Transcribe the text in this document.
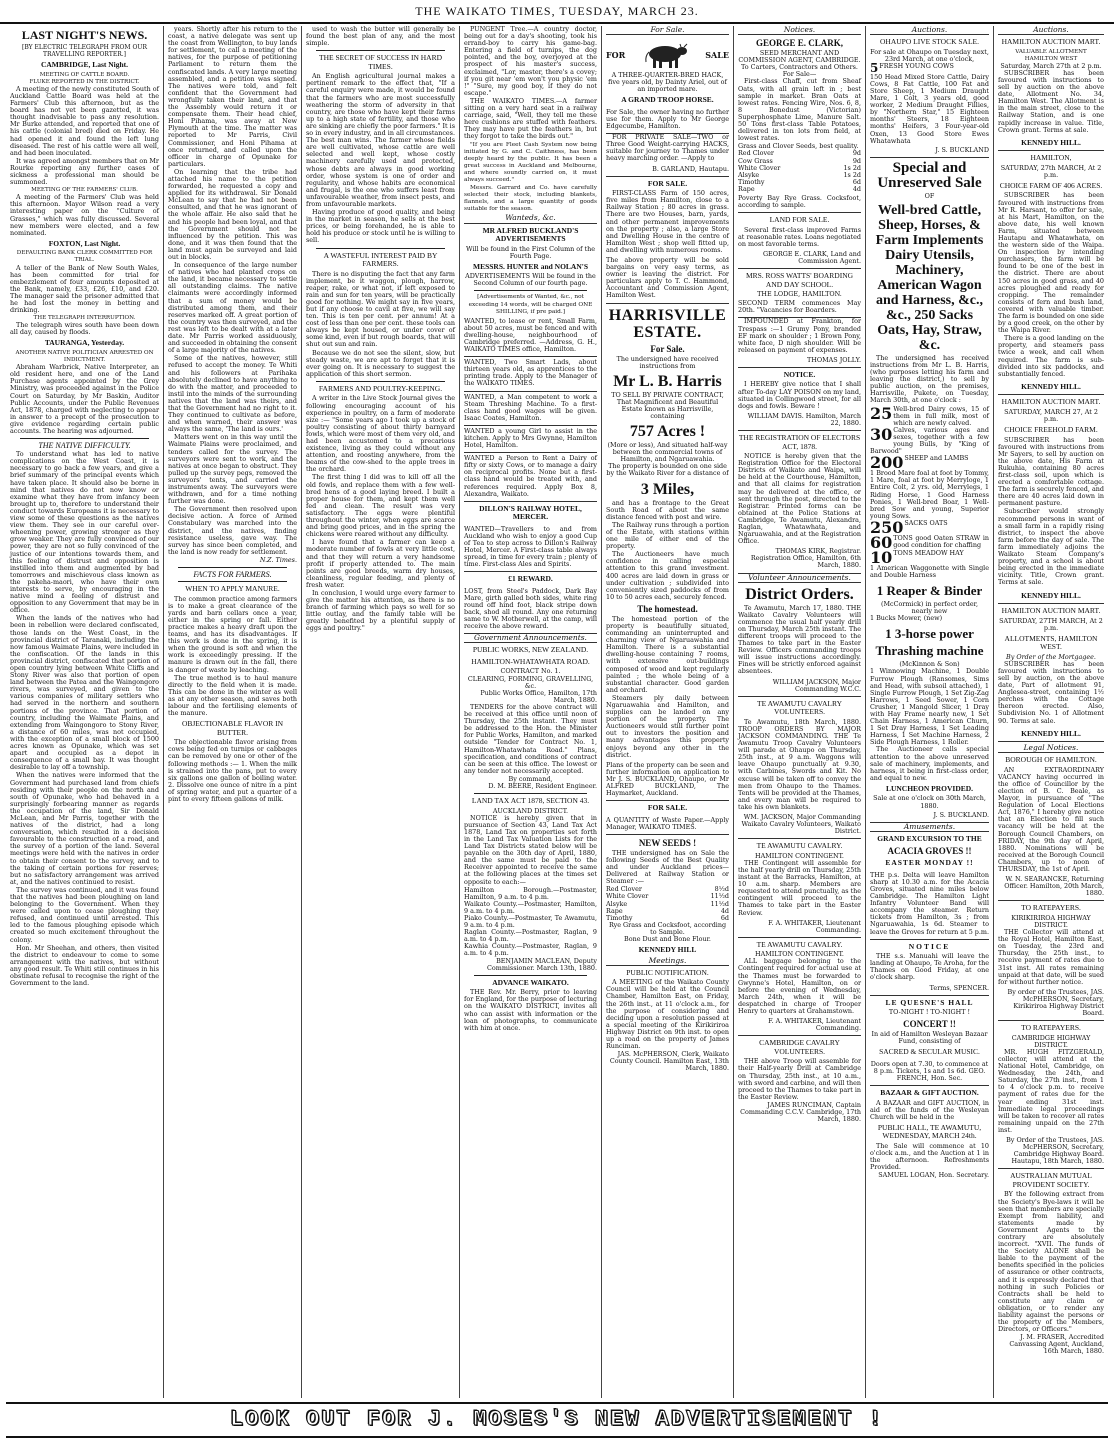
THE WAIKATO TIMES, TUESDAY, MARCH 23.
LAST NIGHT'S NEWS.
[BY ELECTRIC TELEGRAPH FROM OUR TRAVELLING REPORTER.]
CAMBRIDGE, Last Night.
MEETING OF CATTLE BOARD.
FLUKE REPORTED IN THE DISTRICT.

A meeting of the newly constituted South of Auckland Cattle Board was held at the Farmers' Club this afternoon, but as the board has not yet been gazetted, it was thought inadvisable to pass any resolution. Mr Burke attended, and reported that one of his cattle (colonial bred) died on Friday. He had opened it and found the left lung diseased. The rest of his cattle were all well, and had been inoculated.

It was agreed amongst members that on Mr Rourke reporting any further cases of sickness a professional man should be summoned.

MEETING OF THE FARMERS' CLUB.

A meeting of the Farmers' Club was held this afternoon. Mayor Wilson read a very interesting paper on the "Culture of Grasses," which was fully discussed. Several new members were elected, and a few nominated.

FOXTON, Last Night.
DEFAULTING BANK CLERK COMMITTED FOR TRIAL.

A teller of the Bank of New South Wales, has been committed for trial for embezzlement of four amounts deposited at the Bank, namely, £33, £26, £10, and £20. The manager said the prisoner admitted that he had lost the money in betting and drinking.

THE TELEGRAPH INTERRUPTION.

The telegraph wires south have been down all day, caused by floods.

TAURANGA, Yesterday.
ANOTHER NATIVE POLITICIAN ARRESTED ON INDICTMENT.

Abraham Warbrick, Native Interpreter, an old resident here, and one of the Land Purchase agents appointed by the Grey Ministry, was proceeded against in the Police Court on Saturday, by Mr Baskin, Auditor Public Accounts, under the Public Revenues Act, 1878, charged with neglecting to appear in answer to a precept of the prosecution to give evidence regarding certain public accounts. The hearing was adjourned.

THE NATIVE DIFFICULTY.

To understand what has led to native complications on the West Coast, it is necessary to go back a few years, and give a brief summary of the principal events which have taken place. It should also be borne in mind that natives do not now know or examine what they have from infancy been brought up to, therefore to understand their conduct towards Europeans it is necessary to view some of these questions as the natives view them. They see in our careful over-wheening power, growing stronger as they grow weaker. They are fully convinced of our power, they are not so fully convinced of the justice of our intentions towards them, and this feeling of distrust and opposition is instilled into them and augmented by bad tomorrows and mischievous class known as the pakeha-maori, who have their own interests to serve, by encouraging in the native mind a feeling of distrust and opposition to any Government that may be in office.

When the lands of the natives who had been in rebellion were declared confiscated, those lands on the West Coast, in the provincial district of Taranaki, including the now famous Waimate Plains, were included in the confiscation. Of the lands in this provincial district, confiscated that portion of open country lying between White Cliffs and Stony River was also that portion of open land between the Patea and the Waingongoro rivers, was surveyed, and given to the various companies of military settlers who had served in the northern and southern portions of the province. That portion of country, including the Waimate Plains, and extending from Waingongoro to Stony River, a distance of 60 miles, was not occupied, with the exception of a small block of 1500 acres known as Opunake, which was set apart and occupied as a depot in consequence of a small bay. It was thought desirable to lay off a township.

When the natives were informed that the Government had purchased land from chiefs residing with their people on the north and south of Opunake, who had behaved in a surprisingly forbearing manner as regards the occupation of the land, Sir Donald McLean, and Mr Parris, together with the natives of the district, had a long conversation, which resulted in a decision favourable to the construction of a road, and the survey of a portion of the land. Several meetings were held with the natives in order to obtain their consent to the survey, and to the taking of certain portions for reserves; but no satisfactory arrangement was arrived at, and the natives continued to resist.

The survey was continued, and it was found that the natives had been ploughing on land belonging to the Government. When they were called upon to cease ploughing they refused, and continued until arrested. This led to the famous ploughing episode which created so much excitement throughout the colony.

Hon. Mr Sheehan, and others, then visited the district to endeavour to come to some arrangement with the natives, but without any good result. Te Whiti still continues in his obstinate refusal to recognise the right of the Government to the land.

years. Shortly after his return to the coast, a native delegate was sent up the coast from Wellington, to buy lands for settlement, to call a meeting of the natives, for the purpose of petitioning Parliament to return them the confiscated lands. A very large meeting assembled, and a petition was signed. The natives were told, and felt confident that the Government had wrongfully taken their land, and that the Assembly would return it or compensate them. Their head chief, Honi Pihama, was away at New Plymouth at the time. The matter was reported to Mr Parris, Civil Commissioner, and Honi Pihama at once returned, and called upon the officer in charge of Opunake for particulars.

On learning that the tribe had attached his name to the petition forwarded, he requested a copy and applied for its withdrawal. Sir Donald McLean to say that he had not been consulted, and that he was ignorant of the whole affair. He also said that he and his people had been loyal, and that the Government should not be influenced by the petition. This was done, and it was then found that the land must again be surveyed and laid out in blocks.

In consequence of the large number of natives who had planted crops on the land, it became necessary to settle all outstanding claims. The native claimants were accordingly informed that a sum of money would be distributed among them, and their reserves marked off. A great portion of the country was then surveyed, and the rest was left to be dealt with at a later date. Mr Parris worked assiduously, and succeeded in obtaining the consent of a large majority of the natives.

Some of the natives, however, still refused to accept the money. Te Whiti and his followers at Parihaka absolutely declined to have anything to do with the matter, and proceeded to instil into the minds of the surrounding natives that the land was theirs, and that the Government had no right to it. They continued to cultivate as before, and when warned, their answer was always the same, 'The land is ours.'

Matters went on in this way until the Waimate Plains were proclaimed, and tenders called for the survey. The surveyors were sent to work, and the natives at once began to obstruct. They pulled up the survey pegs, removed the surveyors' tents, and carried the instruments away. The surveyors were withdrawn, and for a time nothing further was done.

The Government then resolved upon decisive action. A force of Armed Constabulary was marched into the district, and the natives, finding resistance useless, gave way. The survey has since been completed, and the land is now ready for settlement.

N.Z. Times.
FACTS FOR FARMERS.
WHEN TO APPLY MANURE.

The common practice among farmers is to make a great clearance of the yards and barn cellars once a year, either in the spring or fall. Either practice makes a heavy draft upon the teams, and has its disadvantages. If this work is done in the spring, it is when the ground is soft and when the work is exceedingly pressing. If the manure is drawn out in the fall, there is danger of waste by leaching.

The true method is to haul manure directly to the field when it is made. This can be done in the winter as well as at any other season, and saves both labour and the fertilising elements of the manure.

OBJECTIONABLE FLAVOR IN BUTTER.

The objectionable flavor arising from cows being fed on turnips or cabbages can be removed by one or other of the following methods :— 1. When the milk is strained into the pans, put to every six gallons one gallon of boiling water. 2. Dissolve one ounce of nitre in a pint of spring water, and put a quarter of a pint to every fifteen gallons of milk.

used to wash the butter will generally be found the best plan of any, and the most simple.

THE SECRET OF SUCCESS IN HARD TIMES.

An English agricultural journal makes a pertinent remark to the effect that, "If a careful enquiry were made, it would be found that the farmers who are most successfully weathering the storm of adversity in that country, are those who have kept their farms up to a high state of fertility, and those who are sinking are chiefly the poor farmers." It is so in every industry, and in all circumstances. The best man wins. The farmer whose fields are well cultivated, whose cattle are well selected and well kept, whose costly machinery carefully used and protected, whose debts are always in good working order, whose system is one of order and regularity, and whose habits are economical and frugal, is the one who suffers least from unfavourable weather, from insect pests, and from unfavourable markets.

Having produce of good quality, and being in the market in season, he sells at the best prices, or being forehanded, he is able to hold his produce or stock until he is willing to sell.

A WASTEFUL INTEREST PAID BY FARMERS.

There is no disputing the fact that any farm implement, be it waggon, plough, harrow, reaper, rake, or what not, if left exposed to rain and sun for ten years, will be practically good for nothing. We might say in five years, but if any choose to cavil at five, we will say ten. This is ten per cent. per annum! At a cost of less than one per cent. these tools can always be kept housed, or under cover of some kind, even if but rough boards, that will shut out sun and rain.

Because we do not see the silent, slow, but steady waste, we are apt to forget that it is ever going on. It is necessary to suggest the application of this short sermon.

FARMERS AND POULTRY-KEEPING.

A writer in the Live Stock Journal gives the following encouraging account of his experience in poultry, on a farm of moderate size :— "Some years ago I took up a stock of poultry consisting of about thirty barnyard fowls, which were most of them very old, and had been accustomed to a precarious existence, living as they could without any attention, and roosting anywhere, from the beams of the cow-shed to the apple trees in the orchard.

The first thing I did was to kill off all the old fowls, and replace them with a few well-bred hens of a good laying breed. I built a proper house for them, and kept them well fed and clean. The result was very satisfactory. The eggs were plentiful throughout the winter, when eggs are scarce and bring good prices, and in the spring the chickens were reared without any difficulty.

I have found that a farmer can keep a moderate number of fowls at very little cost, and that they will return a very handsome profit if properly attended to. The main points are good breeds, warm dry houses, cleanliness, regular feeding, and plenty of fresh water.

In conclusion, I would urge every farmer to give the matter his attention, as there is no branch of farming which pays so well for so little outlay, and the family table will be greatly benefited by a plentiful supply of eggs and poultry."

PUNGENT Tree.—A country doctor, being out for a day's shooting, took his errand-boy to carry his game-bag. Entering a field of turnips, the dog pointed, and the boy, overjoyed at the prospect of his master's success, exclaimed, "Lor, master, there's a covey; if you git near 'em won't you physic 'em !" "Sure, my good boy, if they do not escape."

THE WAIKATO TIMES.—A farmer sitting on a very hard seat in a railway carriage, said, "Well, they tell me these here cushions are stuffed with feathers. They may have put the feathers in, but they forgot to take the birds out."

"If you are Fleet Cash System now being initiated by G. and C. Caithness, has been deeply heard by the public. It has been a great success in Auckland and Melbourne, and where soundly carried on, it must always succeed."

Messrs. Garrard and Co. have carefully selected their stock, including blankets, flannels, and a large quantity of goods suitable for the season.

Wanteds, &c.
MR ALFRED BUCKLAND'S ADVERTISEMENTS
Will be found in the First Column of the Fourth Page.
MESSRS. HUNTER and NOLAN'S
ADVERTISEMENTS Will be found in the Second Column of our fourth page.
[Advertisements of Wanted, &c., not exceeding 14 words, will be charged ONE SHILLING, if pre paid.]
WANTED, to lease or rent, Small Farm, about 50 acres, must be fenced and with dwelling-house, neighbourhood of Cambridge preferred. —Address, G. H., WAIKATO TIMES office, Hamilton.
WANTED, Two Smart Lads, about thirteen years old, as apprentices to the printing trade. Apply to the Manager of the WAIKATO TIMES.
WANTED, a Man competent to work a Steam Threshing Machine. To a first-class hand good wages will be given. Isaac Coates, Hamilton.
WANTED a young Girl to assist in the kitchen. Apply to Mrs Gwynne, Hamilton Hotel, Hamilton.
WANTED a Person to Rent a Dairy of fifty or sixty Cows, or to manage a dairy on reciprocal profits. None but a first-class hand would be treated with, and references required. Apply Box 8, Alexandra, Waikato.
DILLON'S RAILWAY HOTEL, MERCER.
WANTED—Travellers to and from Auckland who wish to enjoy a good Cup of Tea to step across to Dillon's Railway Hotel, Mercer. A First-class table always spread, in time for every train ; plenty of time. First-class Ales and Spirits.
£1 REWARD.
LOST, from Steel's Paddock, Dark Bay Mare, girth galled both sides, white ring round off hind foot, black stripe down back, shod all round. Any one returning same to W. Motherwell, at the camp, will receive the above reward.
Government Announcements.
PUBLIC WORKS, NEW ZEALAND.
HAMILTON-WHATAWHATA ROAD.
CONTRACT No. 1.
CLEARING, FORMING, GRAVELLING, &c.
Public Works Office, Hamilton, 17th March, 1880.

TENDERS for the above contract will be received at this office until noon of Thursday, the 25th instant. They must be addressed to the Hon. the Minister for Public Works, Hamilton, and marked outside "Tender for Contract No. 1, Hamilton-Whatawhata Road." Plans, specification, and conditions of contract can be seen at this office. The lowest or any tender not necessarily accepted.

By command,
D. M. BEERE, Resident Engineer.
LAND TAX ACT 1878, SECTION 43.
AUCKLAND DISTRICT.

NOTICE is hereby given that in pursuance of Section 43, Land Tax Act 1878, Land Tax on properties set forth in the Land Tax Valuation Lists for the Land Tax Districts stated below will be payable on the 30th day of April, 1880, and the same must be paid to the Receiver appointed to receive the same at the following places at the times set opposite to each:—

Hamilton Borough.—Postmaster, Hamilton, 9 a.m. to 4 p.m.
Waikato County.—Postmaster, Hamilton, 9 a.m. to 4 p.m.
Piako County.—Postmaster, Te Awamutu, 9 a.m. to 4 p.m.
Raglan County.—Postmaster, Raglan, 9 a.m. to 4 p.m.
Kawhia County.—Postmaster, Raglan, 9 a.m. to 4 p.m.
BENJAMIN MACLEAN, Deputy Commissioner. March 13th, 1880.
ADVANCE WAIKATO.

THE Rev. Mr. Berry, prior to leaving for England, for the purpose of lecturing on the WAIKATO DISTRICT, invites all who can assist with information or the loan of photographs, to communicate with him at once.

For Sale.
FOR	SALE
A THREE-QUARTER-BRED HACK, five years old, by Dainty Ariel, out of an imported mare.
A GRAND TROOP HORSE.
For Sale, the owner having no further use for them. Apply to Mr George Edgecumbe, Hamilton.

FOR PRIVATE SALE—TWO or Three Good Weight-carrying HACKS, suitable for journey to Thames under heavy marching order. —Apply to

B. GARLAND, Hautapu.
FOR SALE.

FIRST-CLASS Farm of 150 acres, five miles from Hamilton, close to a Railway Station ; 80 acres in grass. There are two Houses, barn, yards, and other permanent improvements on the property ; also, a large Store and Dwelling House in the centre of Hamilton West ; shop well fitted up, and dwelling with numerous rooms.

The above property will be sold bargains on very easy terms, as owner is leaving the district. For particulars apply to T. C. Hammond, Accountant and Commission Agent, Hamilton West.
HARRISVILLE ESTATE.
For Sale.
The undersigned have received instructions from
Mr L. B. Harris
TO SELL BY PRIVATE CONTRACT,
That Magnificent and Beautiful Estate known as Harrisville, containing
757 Acres !
(More or less), And situated half-way between the commercial towns of Hamilton, and Ngaruawahia.
The property is bounded on one side by the Waikato River for a distance of
3 Miles,

and has a frontage to the Great South Road of about the same distance fenced with post and wire.

The Railway runs through a portion of the Estate, with stations within one mile of either end of the property.

The Auctioneers have much confidence in calling especial attention to this grand investment. 400 acres are laid down in grass or under cultivation ; subdivided into conveniently sized paddocks of from 10 to 50 acres each, securely fenced.

The homestead.

The homestead portion of the property is beautifully situated, commanding an uninterrupted and charming view of Ngaruawahia and Hamilton. There is a substantial dwelling-house containing 7 rooms, with extensive out-buildings composed of wood and kept regularly painted ; the whole being of a substantial character. Good garden and orchard.

Steamers ply daily between Ngaruawahia and Hamilton, and supplies can be landed on any portion of the property. The Auctioneers would still further point out to investors the position and many advantages this property enjoys beyond any other in the district.

Plans of the property can be seen and further information on application to Mr J. S. BUCKLAND, Ohaupo, or Mr ALFRED BUCKLAND, The Haymarket, Auckland.
FOR SALE.
A QUANTITY of Waste Paper.—Apply Manager, WAIKATO TIMES.
NEW SEEDS !

THE undersigned has on Sale the following Seeds of the Best Quality and under Auckland prices—Delivered at Railway Station or Steamer :—

Red Clover	8½d
White Clover	11½d
Alsyke	11½d
Rape	4d
Timothy	6d
Rye Grass and Cocksfoot, according to Sample.
Bone Dust and Bone Flour.
KENNEDY HILL
Meetings.
PUBLIC NOTIFICATION.

A MEETING of the Waikato County Council will be held at the Council Chamber, Hamilton East, on Friday, the 26th inst., at 11 o'clock a.m., for the purpose of considering and deciding upon a resolution passed at a special meeting of the Kirikiriroa Highway District on 9th inst. to open up a road on the property of James Runciman.

JAS. McPHERSON, Clerk, Waikato County Council. Hamilton East, 13th March, 1880.
Notices.
GEORGE E. CLARK,
SEED MERCHANT AND COMMISSION AGENT, CAMBRIDGE.
To Carters, Contractors and Others. For Sale—

First-class Chaff, cut from Sheaf Oats, with all grain left in ; best sample in market. Bran Oats at lowest rates. Fencing Wire, Nos. 6, 8, 8 Bonedust (Victorian) Superphosphate Lime, Manure Salt. 50 Tons first-class Table Potatoes, delivered in ton lots from field, at lowest rates.

Grass and Clover Seeds, best quality.
Red Clover	9d
Cow Grass	9d
White Clover	1s 2d
Alsyke	1s 2d
Timothy	6d
Rape	4d
Poverty Bay Rye Grass. Cocksfoot, according to sample.
LAND FOR SALE.

Several first-class improved Farms at reasonable rates. Loans negotiated on most favorable terms.

GEORGE E. CLARK, Land and Commission Agent.
MRS. ROSS WATTS' BOARDING AND DAY SCHOOL.
THE LODGE, HAMILTON.
SECOND TERM commences May 20th. "Vacancies for Boarders.

IMPOUNDED at Frankton, for Trespass :—1 Grumy Pony, branded EF mark on shoulder ; 1 Brown Pony, white face, D nigh shoulder. Will be released on payment of expenses.

THOMAS JOLLY.
NOTICE.

I HEREBY give notice that I shall after To-day LAY POISON on my land, situated in Collingwood street, for all dogs and fowls. Beware !

WILLIAM DAVIS. Hamilton, March 22, 1880.
THE REGISTRATION OF ELECTORS ACT, 1878.

NOTICE is hereby given that the Registration Office for the Electoral Districts of Waikato and Waipa, will be held at the Courthouse, Hamilton, and that all claims for registration may be delivered at the office, or sent through the post, directed to the Registrar. Printed forms can be obtained at the Police Stations at Cambridge, Te Awamutu, Alexandra, Raglan, Whatawhata, and Ngaruawahia, and at the Registration Office.

THOMAS KIRK, Registrar. Registration Office, Hamilton, 6th March, 1880.
Volunteer Announcements.
District Orders.

Te Awamutu, March 17, 1880. THE Waikato Cavalry Volunteers will commence the usual half yearly drill on Thursday, March 25th instant. The different troops will proceed to the Thames to take part in the Easter Review. Officers commanding troops will issue instructions accordingly. Fines will be strictly enforced against absentees.

WILLIAM JACKSON, Major Commanding W.C.C.
TE AWAMUTU CAVALRY VOLUNTEERS.

Te Awamutu, 18th March, 1880. TROOP ORDERS BY MAJOR JACKSON COMMANDING. THE Te Awamutu Troop Cavalry Volunteers will parade at Ohaupo on Thursday, 25th inst., at 9 a.m. Waggons will leave Ohaupo punctually at 9.30, with Carbines, Swords and Kit. No excuse will be taken off to convey the men from Ohaupo to the Thames. Tents will be provided at the Thames, and every man will be required to take his own blankets.

WM. JACKSON, Major Commanding Waikato Cavalry Volunteers, Waikato District.
TE AWAMUTU CAVALRY.
HAMILTON CONTINGENT.

THE Contingent will assemble for the half yearly drill on Thursday, 25th instant at the Barracks, Hamilton, at 10 a.m. sharp. Members are requested to attend punctually, as the contingent will proceed to the Thames to take part in the Easter Review.

F. A. WHITAKER, Lieutenant Commanding.
TE AWAMUTU CAVALRY.
HAMILTON CONTINGENT.

ALL baggage belonging to the Contingent required for actual use at the Thames must be forwarded to Gwynne's Hotel, Hamilton, on or before the evening of Wednesday, March 24th, when it will be despatched in charge of Trooper Henry to quarters at Grahamstown.

F. A. WHITAKER, Lieutenant Commanding.
CAMBRIDGE CAVALRY VOLUNTEERS.

THE above Troop will assemble for their Half-yearly Drill at Cambridge on Thursday, 25th inst., at 10 a.m., with sword and carbine, and will then proceed to the Thames to take part in the Easter Review.

JAMES RUNCIMAN, Captain Commanding C.C.V. Cambridge, 17th March, 1880.
Auctions.
OHAUPO LIVE STOCK SALE.
For sale at Ohaupo on Tuesday next, 23rd March, at one o'clock,
5 FRESH YOUNG COWS
150 Head Mixed Store Cattle, Dairy Cows, 8 Fat Cattle, 100 Fat and Store Sheep, 1 Medium Draught Mare, 1 Colt, 3 years old, good worker, 2 Medium Draught Fillies, by "Northern Star," 15 Eighteen months' Steers, 18 Eighteen months' Heifers, 3 Four-year-old Oxen, 13 Good Store Ewes Whatawhata
J. S. BUCKLAND
Special and Unreserved Sale
OF
Well-bred Cattle, Sheep, Horses, & Farm Implements Dairy Utensils, Machinery, American Wagon and Harness, &c., &c., 250 Sacks Oats, Hay, Straw, &c.

The undersigned has received instructions from Mr L. B. Harris, (who purposes letting his farm and leaving the district,) to sell by public auction, on the premises, Harrisville, Pukete, on Tuesday, March 30th, at one o'clock :

25 Well-bred Dairy cows, 15 of them in full milk, most of which are newly calved.
30 Calves, various ages and sexes, together with a few young Bulls, by "King of Barwood"
200 SHEEP and LAMBS
1 Brood Mare foal at foot by Tommy, 1 Mare, foal at foot by Merryloge, 1 Entire Colt, 2 yrs. old, Merrylegs, 1 Riding Horse, 1 Good Harness Ponies, 1 Well-bred Boar, 1 Well-bred Sow and young, Superior young Sows.
250 SACKS OATS
60 TONS good Oaten STRAW in good condition for chaffing
10 TONS MEADOW HAY
1 American Waggonette with Single and Double Harness
1 Reaper & Binder
(McCormick) in perfect order, nearly new
1 Bucks Mower, (new)
1 3-horse power Thrashing machine
(McKinnon & Son)
1 Winnowing Machine, 1 Double Furrow Plough (Ransomes, Sims and Head, with subsoil attached), 1 Single Furrow Plough, 1 Set Zig-Zag Harrows, 1 Seed Sower, 1 Corn Crusher, 1 Mangold Slicer, 1 Dray with Hay Frame nearly new, 1 Set Chain Harness, 1 American Churn, 1 Set Dray Harness, 1 Set Leading Harness, 1 Set Machine Harness, 2 Side Plough Harness, 1 Roller.

The Auctioneer calls special attention to the above unreserved sale of machinery, implements, and harness, it being in first-class order, and equal to new.

LUNCHEON PROVIDED.
Sale at one o'clock on 30th March, 1880.
J. S. BUCKLAND.
Amusements.
GRAND EXCURSION TO THE
ACACIA GROVES !!
EASTER MONDAY !!
THE p.s. Delta will leave Hamilton sharp at 10.30 a.m. for the Acacia Groves, situated nine miles below Cambridge. The Hamilton Light Infantry Volunteer Band will accompany the steamer. Return tickets from Hamilton, 3s ; from Ngaruawahia, 1s 6d. Steamer to leave the Groves for return at 5 p.m.
NOTICE

THE s.s. Manuahi will leave the landing at Ohaupo, Te Aroha, for the Thames on Good Friday, at one o'clock sharp.

Terms, SPENCER.
LE QUESNE'S HALL
TO-NIGHT ! TO-NIGHT !
CONCERT !!
In aid of Hamilton Wesleyan Bazaar Fund, consisting of
SACRED & SECULAR MUSIC.
Doors open at 7.30, to commence at 8 p.m. Tickets, 1s and 1s 6d. GEO. FRENCH, Hon. Sec.
BAZAAR & GIFT AUCTION.

A BAZAAR and GIFT AUCTION, in aid of the funds of the Wesleyan Church will be held in the

PUBLIC HALL, TE AWAMUTU, WEDNESDAY, MARCH 24th.

The Sale will commence at 10 o'clock a.m., and the Auction at 1 in the afternoon. Refreshments Provided.

SAMUEL LOGAN, Hon. Secretary.
Auctions.
HAMILTON AUCTION MART.
VALUABLE ALLOTMENT HAMILTON WEST
Saturday, March 27th at 2 p.m.

SUBSCRIBER has been favoured with instructions to sell by auction on the above date, Allotment No. 34, Hamilton West. The Allotment is in the main street, close to the Railway Station, and is one rapidly increase in value. Title, Crown grant. Terms at sale.

KENNEDY HILL.
HAMILTON,
SATURDAY, 27th MARCH, At 2 p.m.
CHOICE FARM OF 406 ACRES.

SUBSCRIBER has been favoured with instructions from Mr R. Harsant, to offer for sale, at his Mart, Hamilton, on the above date, his well known Farm, situated between Hautapu and Whatawhata, on the western side of the Waipa. On inspection by intending purchasers, the farm will be found to be one of the best in the district. There are about 150 acres in good grass, and 40 acres ploughed and ready for cropping. The remainder consists of fern and bush land, covered with valuable timber. The farm is bounded on one side by a good creek, on the other by the Waipa River.

There is a good landing on the property, and steamers pass twice a week, and call when required. The farm is sub-divided into six paddocks, and substantially fenced.

KENNEDY HILL.
HAMILTON AUCTION MART.
SATURDAY, MARCH 27, At 2 p.m.
CHOICE FREEHOLD FARM.

SUBSCRIBER has been favoured with instructions from Mr Sayers, to sell by auction on the above date, His Farm at Rukuhia, containing 80 acres first-class soil, upon which is erected a comfortable cottage. The farm is securely fenced, and there are 40 acres laid down in permanent pasture.

Subscriber would strongly recommend persons in want of a small farm in a rapidly rising district, to inspect the above farm before the day of sale. The farm immediately adjoins the Waikato Steam Company's property, and a school is about being erected in the immediate vicinity. Title, Crown grant. Terms at sale.

KENNEDY HILL.
HAMILTON AUCTION MART.
SATURDAY, 27TH MARCH, At 2 p.m.
ALLOTMENTS, HAMILTON WEST.
By Order of the Mortgagee.

SUBSCRIBER has been favoured with instructions to sell by auction, on the above date, Part of allotment 91, Anglesea-street, containing 1½ perches with the Cottage thereon erected. Also, Subdivision No. 1 of Allotment 90. Terms at sale.

KENNEDY HILL.
Legal Notices.
BOROUGH OF HAMILTON.

AN EXTRAORDINARY VACANCY having occurred in the office of Councillor by the election of B. C. Beale, as Mayor, in pursuance of "The Regulation of Local Elections Act, 1876," I hereby give notice that an Election to fill such vacancy will be held at the Borough Council Chambers, on FRIDAY, the 9th day of April, 1880. Nominations will be received at the Borough Council Chambers, up to noon of THURSDAY, the 1st of April.

W. N. SEARANCKE, Returning Officer. Hamilton, 20th March, 1880.
TO RATEPAYERS.
KIRIKIRIROA HIGHWAY DISTRICT.

THE Collector will attend at the Royal Hotel, Hamilton East, on Tuesday, the 23rd and Thursday, the 25th inst., to receive payment of rates due to 31st inst. All rates remaining unpaid at that date, will be sued for without further notice.

By order of the Trustees, JAS. McPHERSON, Secretary, Kirikiriroa Highway District Board.
TO RATEPAYERS.
CAMBRIDGE HIGHWAY DISTRICT.

MR. HUGH FITZGERALD, collector, will attend at the National Hotel, Cambridge, on Wednesday, the 24th, and Saturday, the 27th inst., from 1 to 4 o'clock p.m. to receive payment of rates due for the year ending 31st inst. Immediate legal proceedings will be taken to recover all rates remaining unpaid on the 27th inst.

By Order of the Trustees, JAS. McPHERSON, Secretary, Cambridge Highway Board. Hautapu, 18th March, 1880.
AUSTRALIAN MUTUAL PROVIDENT SOCIETY.

BY the following extract from the Society's Bye-laws it will be seen that members are specially Exempt from liability, and statements made by Government Agents to the contrary are absolutely incorrect. "XVII. The funds of the Society ALONE shall be liable to the payment of the benefits specified in the policies of assurance or other contracts, and it is expressly declared that nothing in such Policies or Contracts shall be held to constitute any claim or obligation, or to render any liability against the persons or the property of the Members, Directors, or Officers."

J. M. FRASER, Accredited Canvassing Agent, Auckland, 16th March, 1880.
LOOK OUT FOR J. MOSES'S NEW ADVERTISEMENT !
